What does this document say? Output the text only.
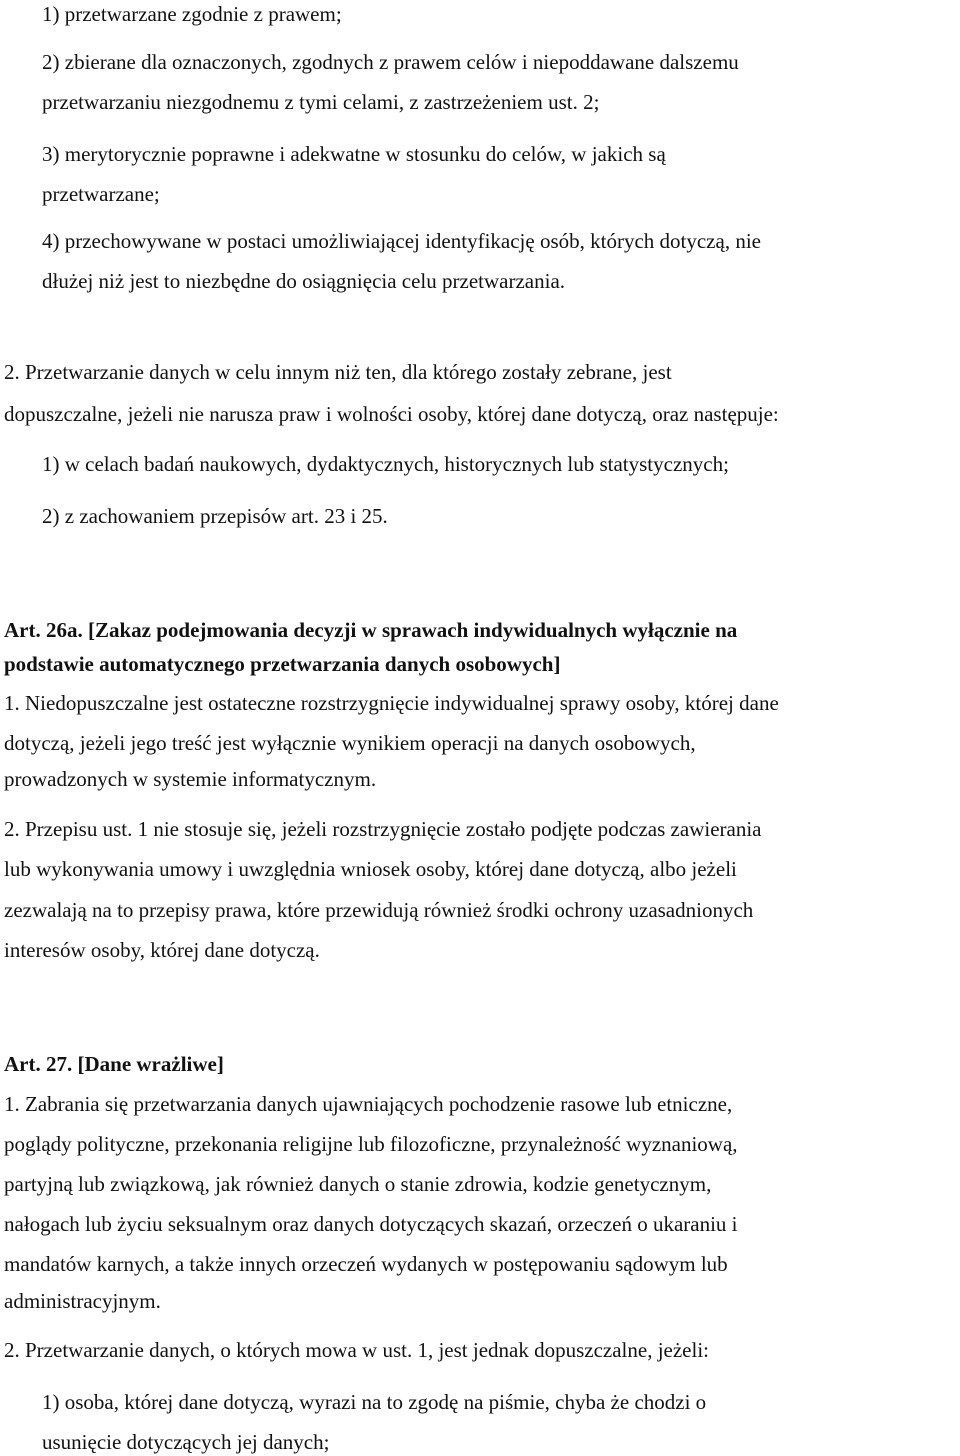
1) przetwarzane zgodnie z prawem;
2) zbierane dla oznaczonych, zgodnych z prawem celów i niepoddawane dalszemu
przetwarzaniu niezgodnemu z tymi celami, z zastrzeżeniem ust. 2;
3) merytorycznie poprawne i adekwatne w stosunku do celów, w jakich są
przetwarzane;
4) przechowywane w postaci umożliwiającej identyfikację osób, których dotyczą, nie
dłużej niż jest to niezbędne do osiągnięcia celu przetwarzania.
2. Przetwarzanie danych w celu innym niż ten, dla którego zostały zebrane, jest
dopuszczalne, jeżeli nie narusza praw i wolności osoby, której dane dotyczą, oraz następuje:
1) w celach badań naukowych, dydaktycznych, historycznych lub statystycznych;
2) z zachowaniem przepisów art. 23 i 25.
Art. 26a. [Zakaz podejmowania decyzji w sprawach indywidualnych wyłącznie na
podstawie automatycznego przetwarzania danych osobowych]
1. Niedopuszczalne jest ostateczne rozstrzygnięcie indywidualnej sprawy osoby, której dane
dotyczą, jeżeli jego treść jest wyłącznie wynikiem operacji na danych osobowych,
prowadzonych w systemie informatycznym.
2. Przepisu ust. 1 nie stosuje się, jeżeli rozstrzygnięcie zostało podjęte podczas zawierania
lub wykonywania umowy i uwzględnia wniosek osoby, której dane dotyczą, albo jeżeli
zezwalają na to przepisy prawa, które przewidują również środki ochrony uzasadnionych
interesów osoby, której dane dotyczą.
Art. 27. [Dane wrażliwe]
1. Zabrania się przetwarzania danych ujawniających pochodzenie rasowe lub etniczne,
poglądy polityczne, przekonania religijne lub filozoficzne, przynależność wyznaniową,
partyjną lub związkową, jak również danych o stanie zdrowia, kodzie genetycznym,
nałogach lub życiu seksualnym oraz danych dotyczących skazań, orzeczeń o ukaraniu i
mandatów karnych, a także innych orzeczeń wydanych w postępowaniu sądowym lub
administracyjnym.
2. Przetwarzanie danych, o których mowa w ust. 1, jest jednak dopuszczalne, jeżeli:
1) osoba, której dane dotyczą, wyrazi na to zgodę na piśmie, chyba że chodzi o
usunięcie dotyczących jej danych;
